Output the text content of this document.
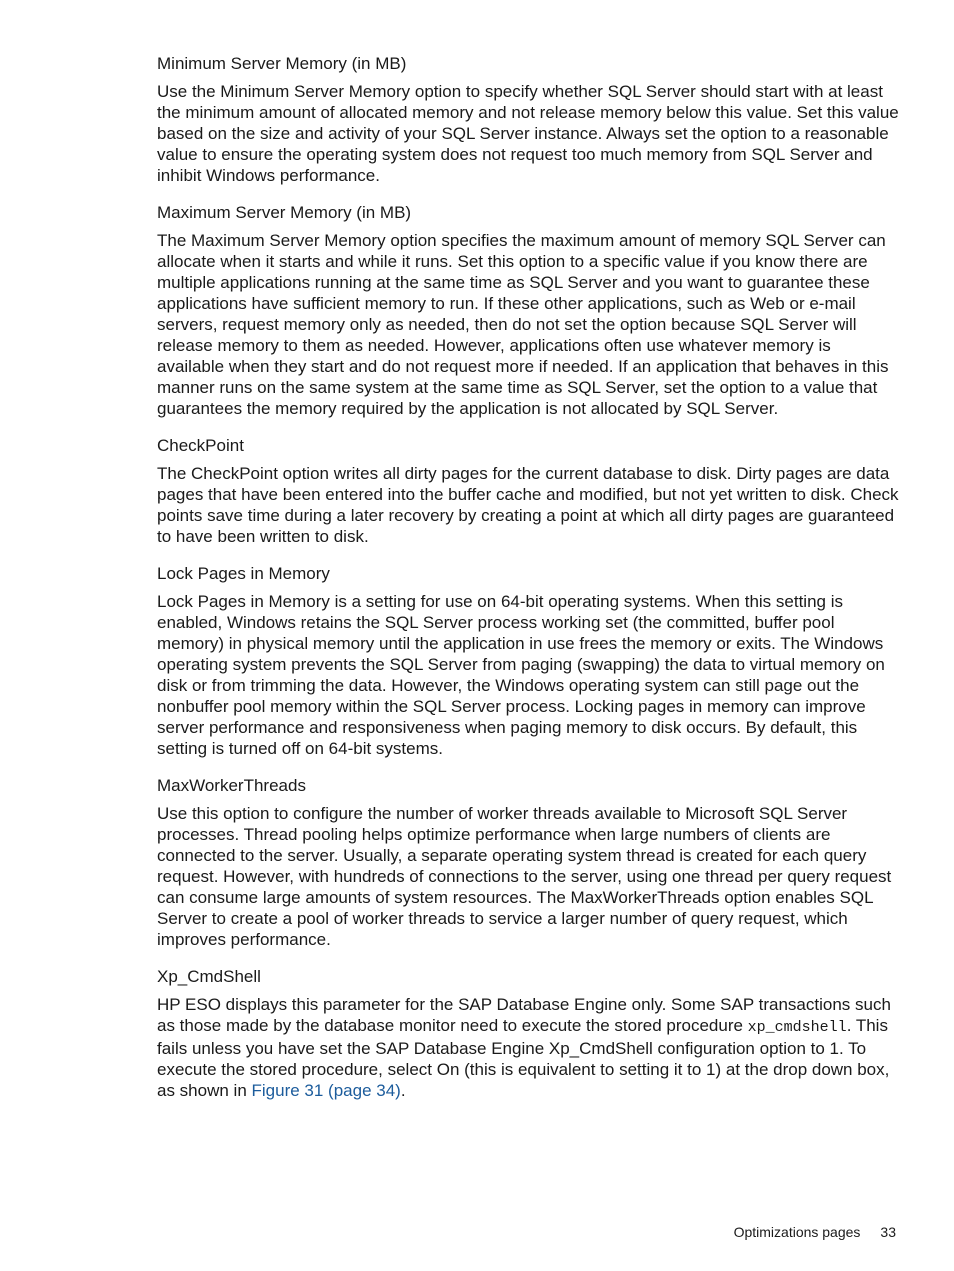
Minimum Server Memory (in MB)
Use the Minimum Server Memory option to specify whether SQL Server should start with at least the minimum amount of allocated memory and not release memory below this value. Set this value based on the size and activity of your SQL Server instance. Always set the option to a reasonable value to ensure the operating system does not request too much memory from SQL Server and inhibit Windows performance.
Maximum Server Memory (in MB)
The Maximum Server Memory option specifies the maximum amount of memory SQL Server can allocate when it starts and while it runs. Set this option to a specific value if you know there are multiple applications running at the same time as SQL Server and you want to guarantee these applications have sufficient memory to run. If these other applications, such as Web or e-mail servers, request memory only as needed, then do not set the option because SQL Server will release memory to them as needed. However, applications often use whatever memory is available when they start and do not request more if needed. If an application that behaves in this manner runs on the same system at the same time as SQL Server, set the option to a value that guarantees the memory required by the application is not allocated by SQL Server.
CheckPoint
The CheckPoint option writes all dirty pages for the current database to disk. Dirty pages are data pages that have been entered into the buffer cache and modified, but not yet written to disk. Check points save time during a later recovery by creating a point at which all dirty pages are guaranteed to have been written to disk.
Lock Pages in Memory
Lock Pages in Memory is a setting for use on 64-bit operating systems. When this setting is enabled, Windows retains the SQL Server process working set (the committed, buffer pool memory) in physical memory until the application in use frees the memory or exits. The Windows operating system prevents the SQL Server from paging (swapping) the data to virtual memory on disk or from trimming the data. However, the Windows operating system can still page out the nonbuffer pool memory within the SQL Server process. Locking pages in memory can improve server performance and responsiveness when paging memory to disk occurs. By default, this setting is turned off on 64-bit systems.
MaxWorkerThreads
Use this option to configure the number of worker threads available to Microsoft SQL Server processes. Thread pooling helps optimize performance when large numbers of clients are connected to the server. Usually, a separate operating system thread is created for each query request. However, with hundreds of connections to the server, using one thread per query request can consume large amounts of system resources. The MaxWorkerThreads option enables SQL Server to create a pool of worker threads to service a larger number of query request, which improves performance.
Xp_CmdShell
HP ESO displays this parameter for the SAP Database Engine only. Some SAP transactions such as those made by the database monitor need to execute the stored procedure xp_cmdshell. This fails unless you have set the SAP Database Engine Xp_CmdShell configuration option to 1. To execute the stored procedure, select On (this is equivalent to setting it to 1) at the drop down box, as shown in Figure 31 (page 34).
Optimizations pages 33
